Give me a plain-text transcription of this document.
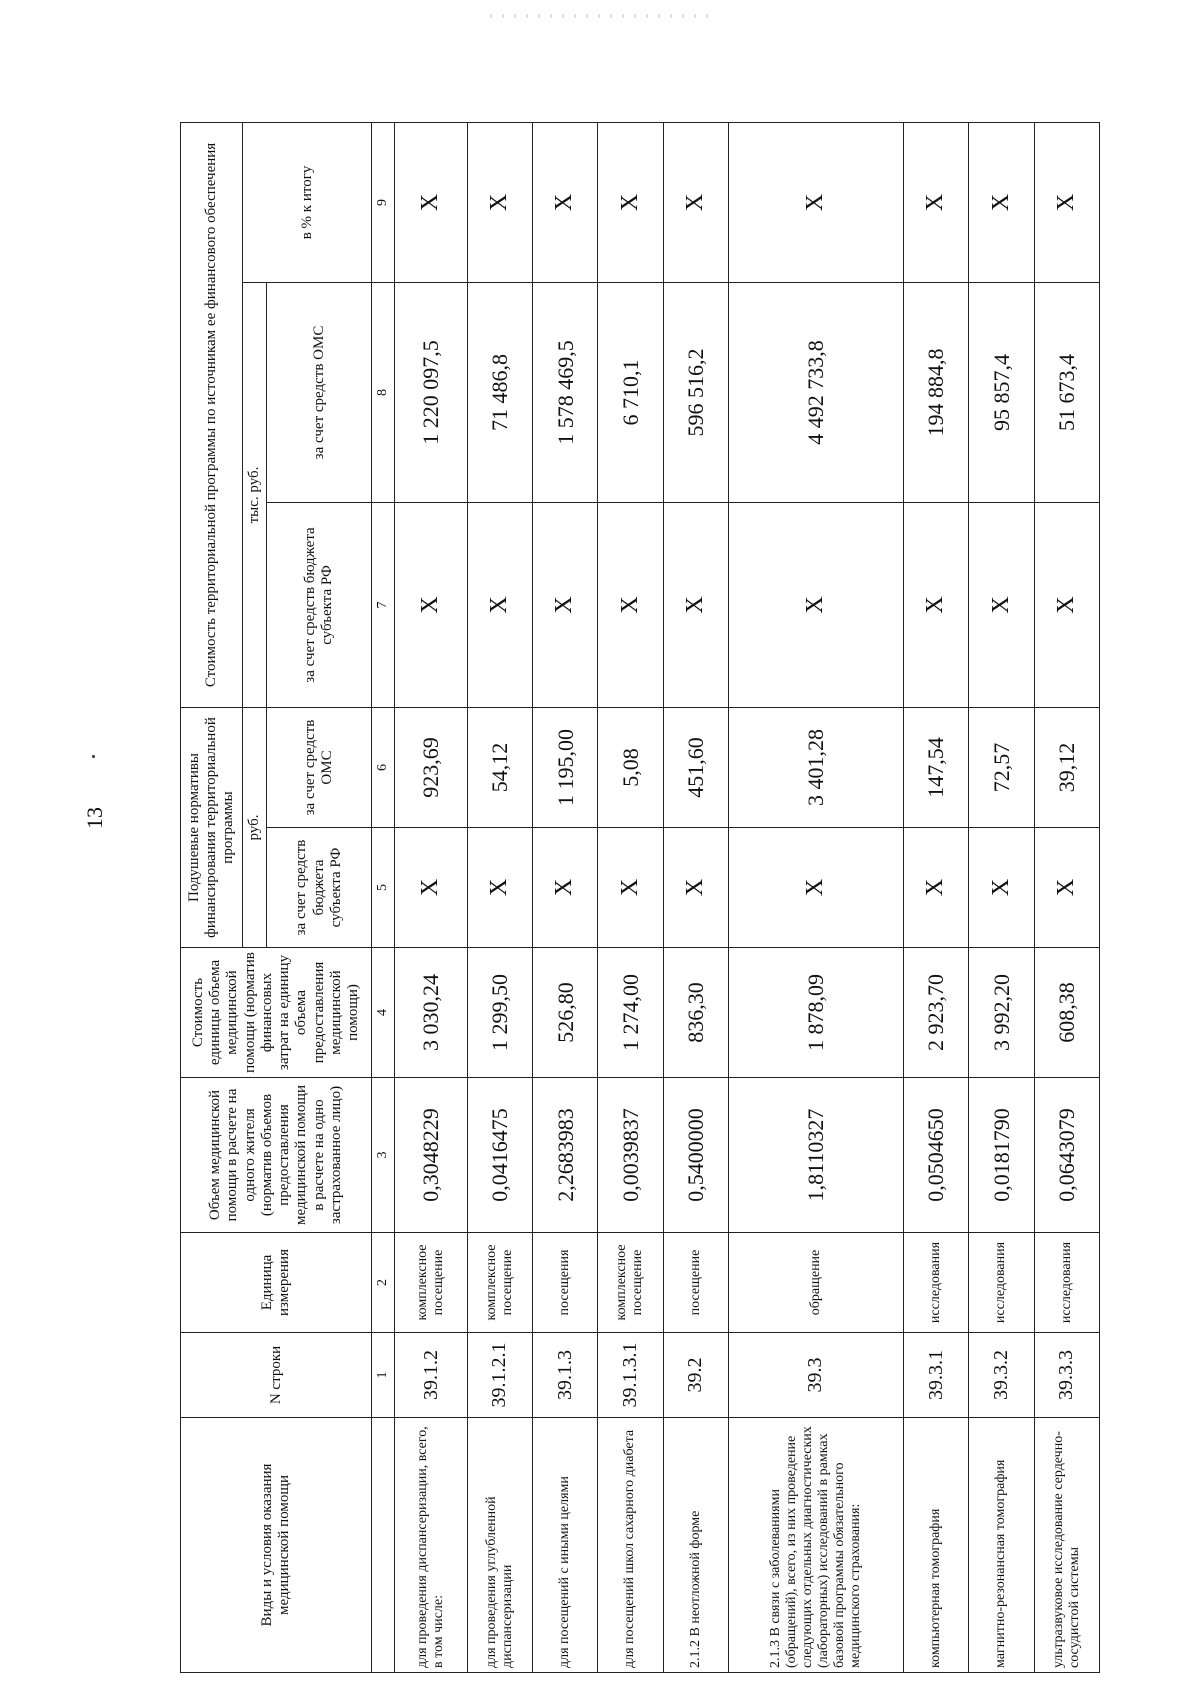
13
Виды и условия оказания медицинской помощи	N строки	Единица измерения	Объем медицинской помощи в расчете на одного жителя (норматив объемов предоставления медицинской помощи в расчете на одно застрахованное лицо)	Стоимость единицы объема медицинской помощи (норматив финансовых затрат на единицу объема предоставления медицинской помощи)	Подушевые нормативы финансирования территориальной программы		Стоимость территориальной программы по источникам ее финансового обеспечения		
					руб.		тыс. руб.		в % к итогу
					за счет средств бюджета субъекта РФ	за счет средств ОМС	за счет средств бюджета субъекта РФ	за счет средств ОМС	
	1	2	3	4	5	6	7	8	9
для проведения диспансеризации, всего, в том числе:	39.1.2	комплексное посещение	0,3048229	3 030,24	X	923,69	X	1 220 097,5	X
для проведения углубленной диспансеризации	39.1.2.1	комплексное посещение	0,0416475	1 299,50	X	54,12	X	71 486,8	X
для посещений с иными целями	39.1.3	посещения	2,2683983	526,80	X	1 195,00	X	1 578 469,5	X
для посещений школ сахарного диабета	39.1.3.1	комплексное посещение	0,0039837	1 274,00	X	5,08	X	6 710,1	X
2.1.2 В неотложной форме	39.2	посещение	0,5400000	836,30	X	451,60	X	596 516,2	X
2.1.3 В связи с заболеваниями (обращений), всего, из них проведение следующих отдельных диагностических (лабораторных) исследований в рамках базовой программы обязательного медицинского страхования:	39.3	обращение	1,8110327	1 878,09	X	3 401,28	X	4 492 733,8	X
компьютерная томография	39.3.1	исследования	0,0504650	2 923,70	X	147,54	X	194 884,8	X
магнитно-резонансная томография	39.3.2	исследования	0,0181790	3 992,20	X	72,57	X	95 857,4	X
ультразвуковое исследование сердечно-сосудистой системы	39.3.3	исследования	0,0643079	608,38	X	39,12	X	51 673,4	X
